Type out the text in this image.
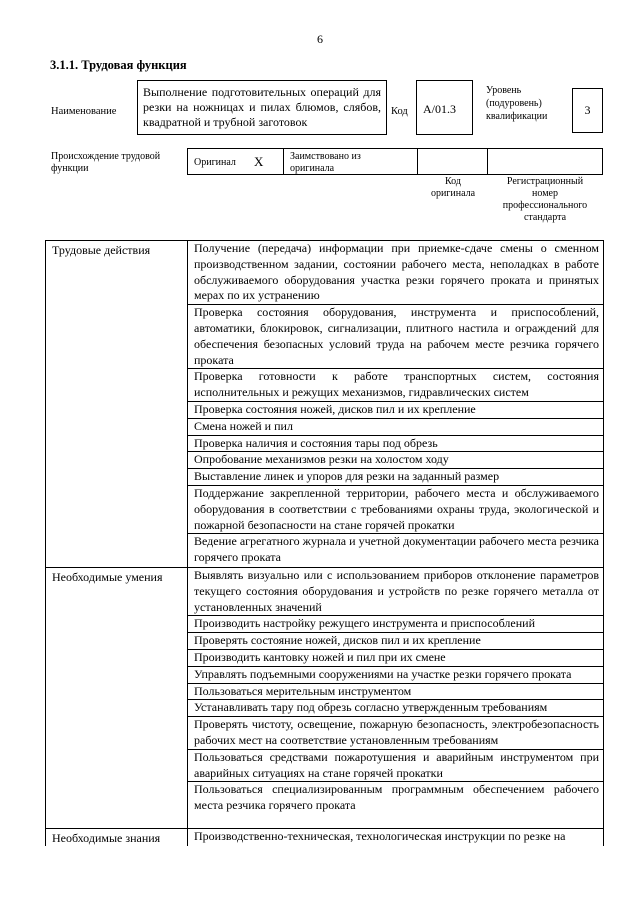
6
3.1.1. Трудовая функция
Наименование
Выполнение подготовительных операций для резки на ножницах и пилах блюмов, слябов, квадратной и трубной заготовок
Код	А/01.3
Уровень
(подуровень)
квалификации	3
Происхождение трудовой
функции
Оригинал X	Заимствовано из
оригинала
Код
оригинала
Регистрационный
номер
профессионального
стандарта
Трудовые действия	Получение (передача) информации при приемке-сдаче смены о сменном производственном задании, состоянии рабочего места, неполадках в работе обслуживаемого оборудования участка резки горячего проката и принятых мерах по их устранению
Проверка состояния оборудования, инструмента и приспособлений, автоматики, блокировок, сигнализации, плитного настила и ограждений для обеспечения безопасных условий труда на рабочем месте резчика горячего проката
Проверка готовности к работе транспортных систем, состояния исполнительных и режущих механизмов, гидравлических систем
Проверка состояния ножей, дисков пил и их крепление
Смена ножей и пил
Проверка наличия и состояния тары под обрезь
Опробование механизмов резки на холостом ходу
Выставление линек и упоров для резки на заданный размер
Поддержание закрепленной территории, рабочего места и обслуживаемого оборудования в соответствии с требованиями охраны труда, экологической и пожарной безопасности на стане горячей прокатки
Ведение агрегатного журнала и учетной документации рабочего места резчика горячего проката
Необходимые умения	Выявлять визуально или с использованием приборов отклонение параметров текущего состояния оборудования и устройств по резке горячего металла от установленных значений
Производить настройку режущего инструмента и приспособлений
Проверять состояние ножей, дисков пил и их крепление
Производить кантовку ножей и пил при их смене
Управлять подъемными сооружениями на участке резки горячего проката
Пользоваться мерительным инструментом
Устанавливать тару под обрезь согласно утвержденным требованиям
Проверять чистоту, освещение, пожарную безопасность, электробезопасность рабочих мест на соответствие установленным требованиям
Пользоваться средствами пожаротушения и аварийным инструментом при аварийных ситуациях на стане горячей прокатки
Пользоваться специализированным программным обеспечением рабочего места резчика горячего проката
Необходимые знания	Производственно-техническая, технологическая инструкции по резке на
